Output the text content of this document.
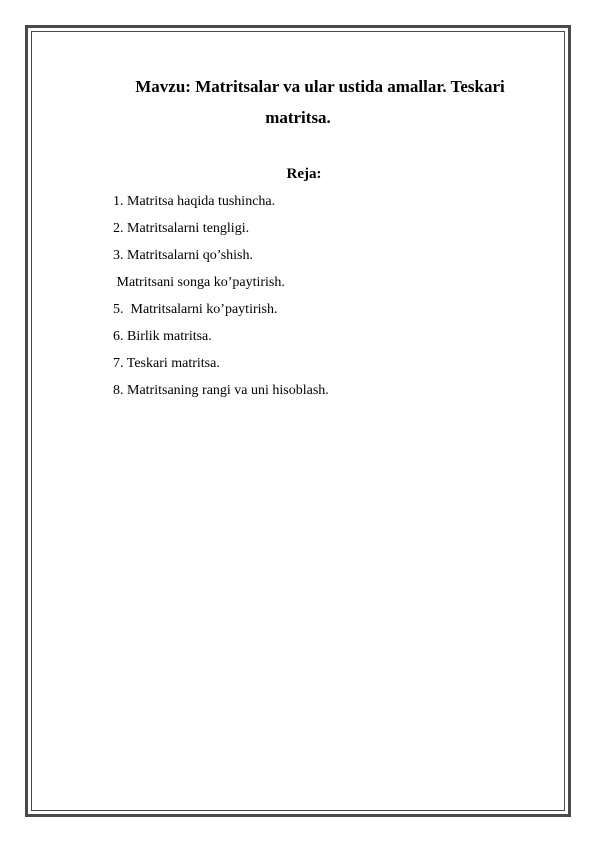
Mavzu: Matritsalar va ular ustida amallar. Teskari
matritsa.
Reja:
1. Matritsa haqida tushincha.
2. Matritsalarni tengligi.
3. Matritsalarni qo’shish.
Matritsani songa ko’paytirish.
5.  Matritsalarni ko’paytirish.
6. Birlik matritsa.
7. Teskari matritsa.
8. Matritsaning rangi va uni hisoblash.
